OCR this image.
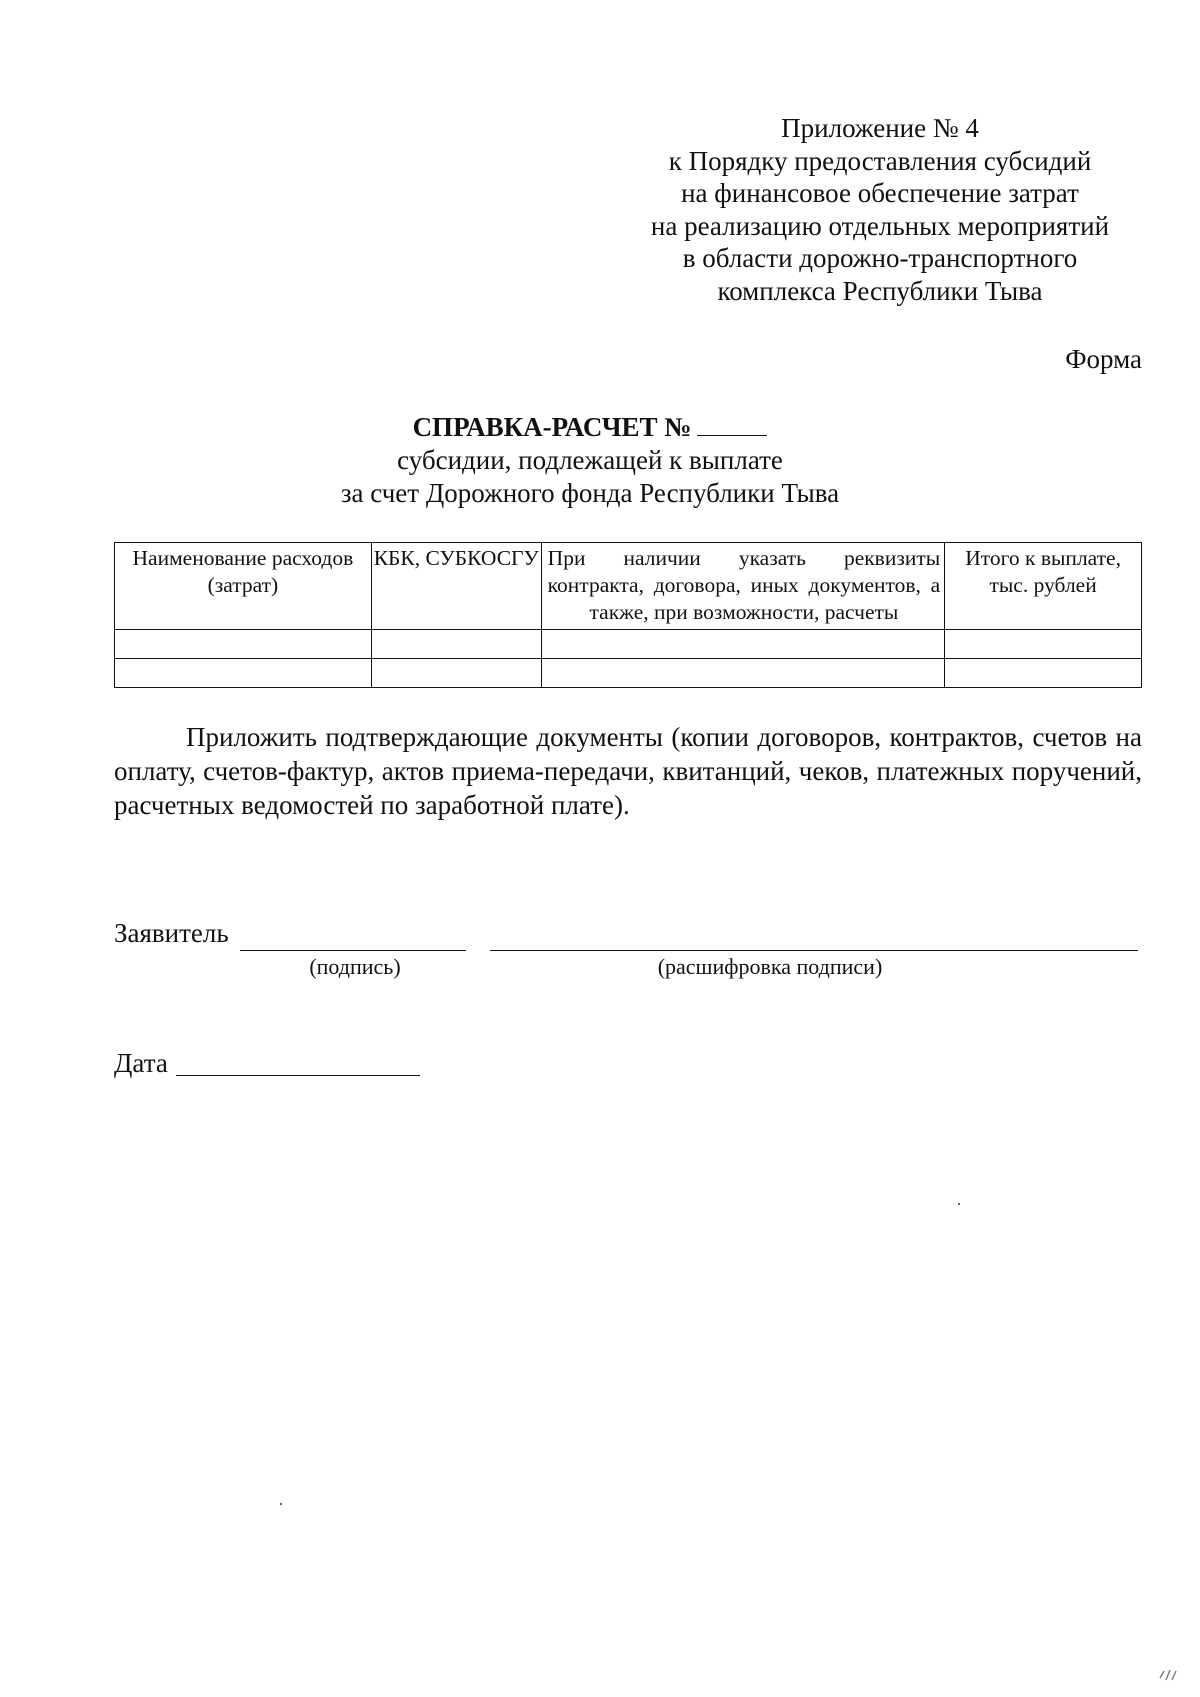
Приложение № 4
к Порядку предоставления субсидий
на финансовое обеспечение затрат
на реализацию отдельных мероприятий
в области дорожно-транспортного
комплекса Республики Тыва
Форма
СПРАВКА-РАСЧЕТ №
субсидии, подлежащей к выплате
за счет Дорожного фонда Республики Тыва
Наименование расходов (затрат)	КБК, СУБКОСГУ	При наличии указать реквизиты контракта, договора, иных документов, а также, при возможности, расчеты	Итого к выплате, тыс. рублей

Приложить подтверждающие документы (копии договоров, контрактов, счетов на оплату, счетов-фактур, актов приема-передачи, квитанций, чеков, платежных поручений, расчетных ведомостей по заработной плате).
Заявитель
(подпись)	(расшифровка подписи)
Дата
